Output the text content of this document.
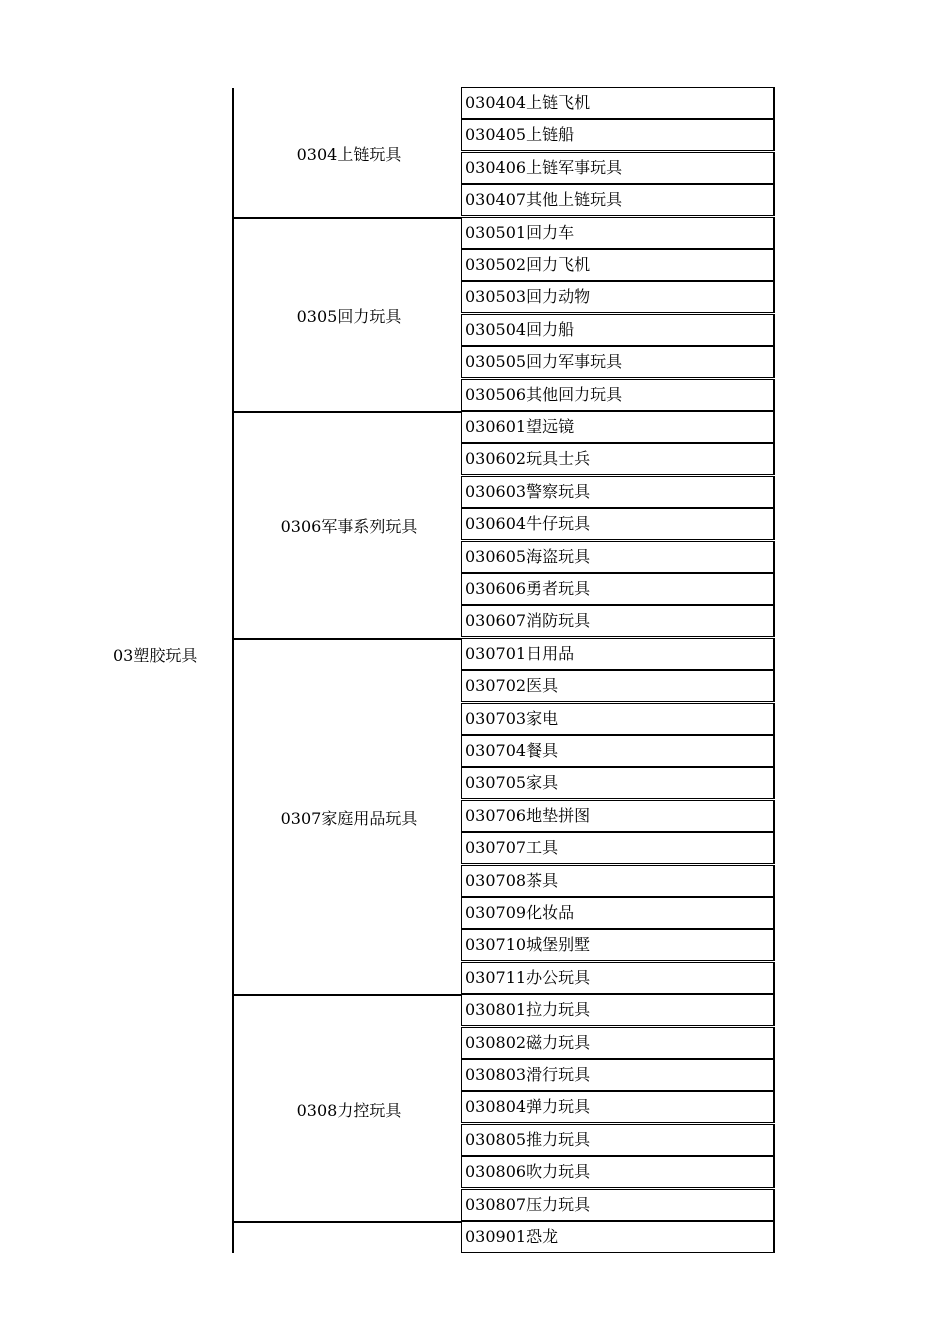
03塑胶玩具
0304上链玩具
030404上链飞机
030405上链船
030406上链军事玩具
030407其他上链玩具
0305回力玩具
030501回力车
030502回力飞机
030503回力动物
030504回力船
030505回力军事玩具
030506其他回力玩具
0306军事系列玩具
030601望远镜
030602玩具士兵
030603警察玩具
030604牛仔玩具
030605海盗玩具
030606勇者玩具
030607消防玩具
0307家庭用品玩具
030701日用品
030702医具
030703家电
030704餐具
030705家具
030706地垫拼图
030707工具
030708茶具
030709化妆品
030710城堡别墅
030711办公玩具
0308力控玩具
030801拉力玩具
030802磁力玩具
030803滑行玩具
030804弹力玩具
030805推力玩具
030806吹力玩具
030807压力玩具
030901恐龙
